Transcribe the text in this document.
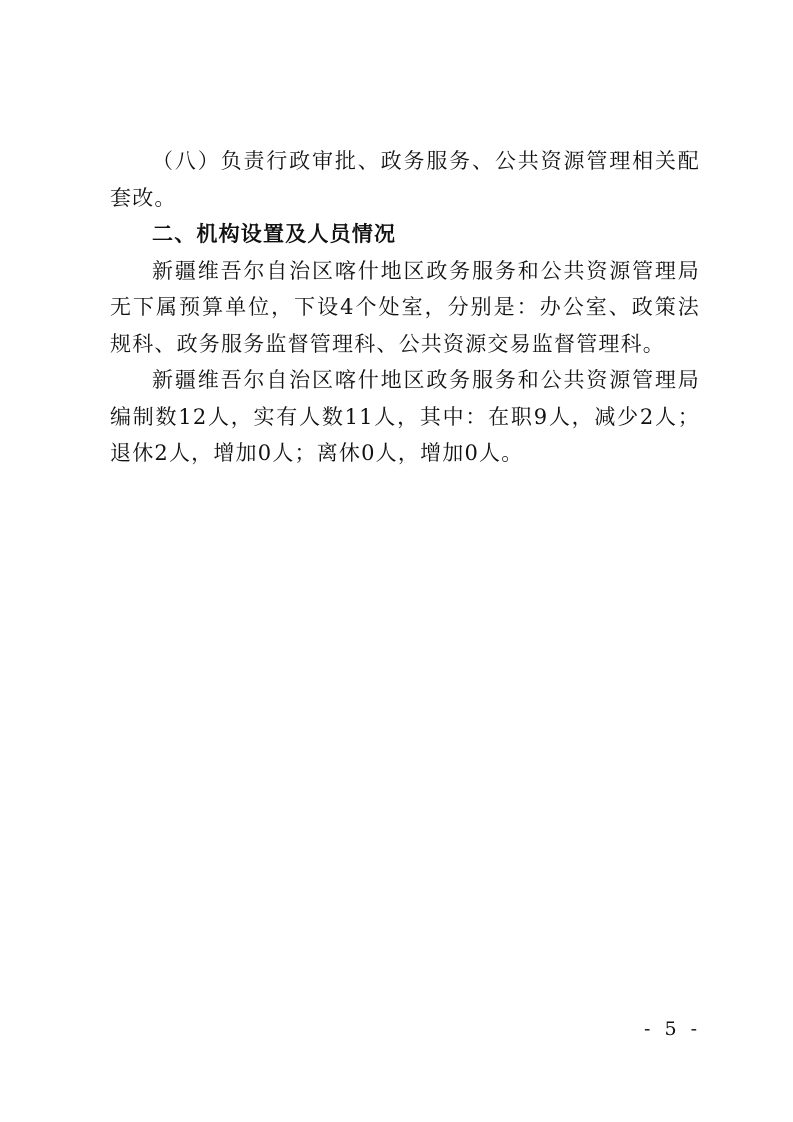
（八）负责行政审批、政务服务、公共资源管理相关配套改。

二、机构设置及人员情况

新疆维吾尔自治区喀什地区政务服务和公共资源管理局无下属预算单位，下设4个处室，分别是：办公室、政策法规科、政务服务监督管理科、公共资源交易监督管理科。

新疆维吾尔自治区喀什地区政务服务和公共资源管理局编制数12人，实有人数11人，其中：在职9人，减少2人；退休2人，增加0人；离休0人，增加0人。

- 5 -
